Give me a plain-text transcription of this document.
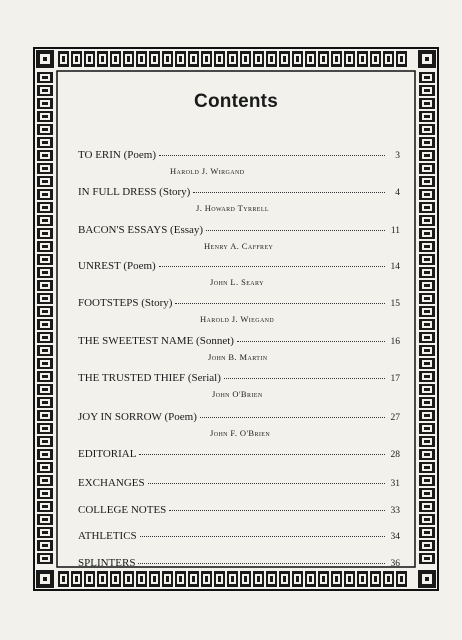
Contents
TO ERIN (Poem)	3
Harold J. Wirgand
IN FULL DRESS (Story)	4
J. Howard Tyrrell
BACON'S ESSAYS (Essay)	11
Henry A. Caffrey
UNREST (Poem)	14
John L. Seary
FOOTSTEPS (Story)	15
Harold J. Wiegand
THE SWEETEST NAME (Sonnet)	16
John B. Martin
THE TRUSTED THIEF (Serial)	17
John O'Brien
JOY IN SORROW (Poem)	27
John F. O'Brien
EDITORIAL	28
EXCHANGES	31
COLLEGE NOTES	33
ATHLETICS	34
SPLINTERS	36
